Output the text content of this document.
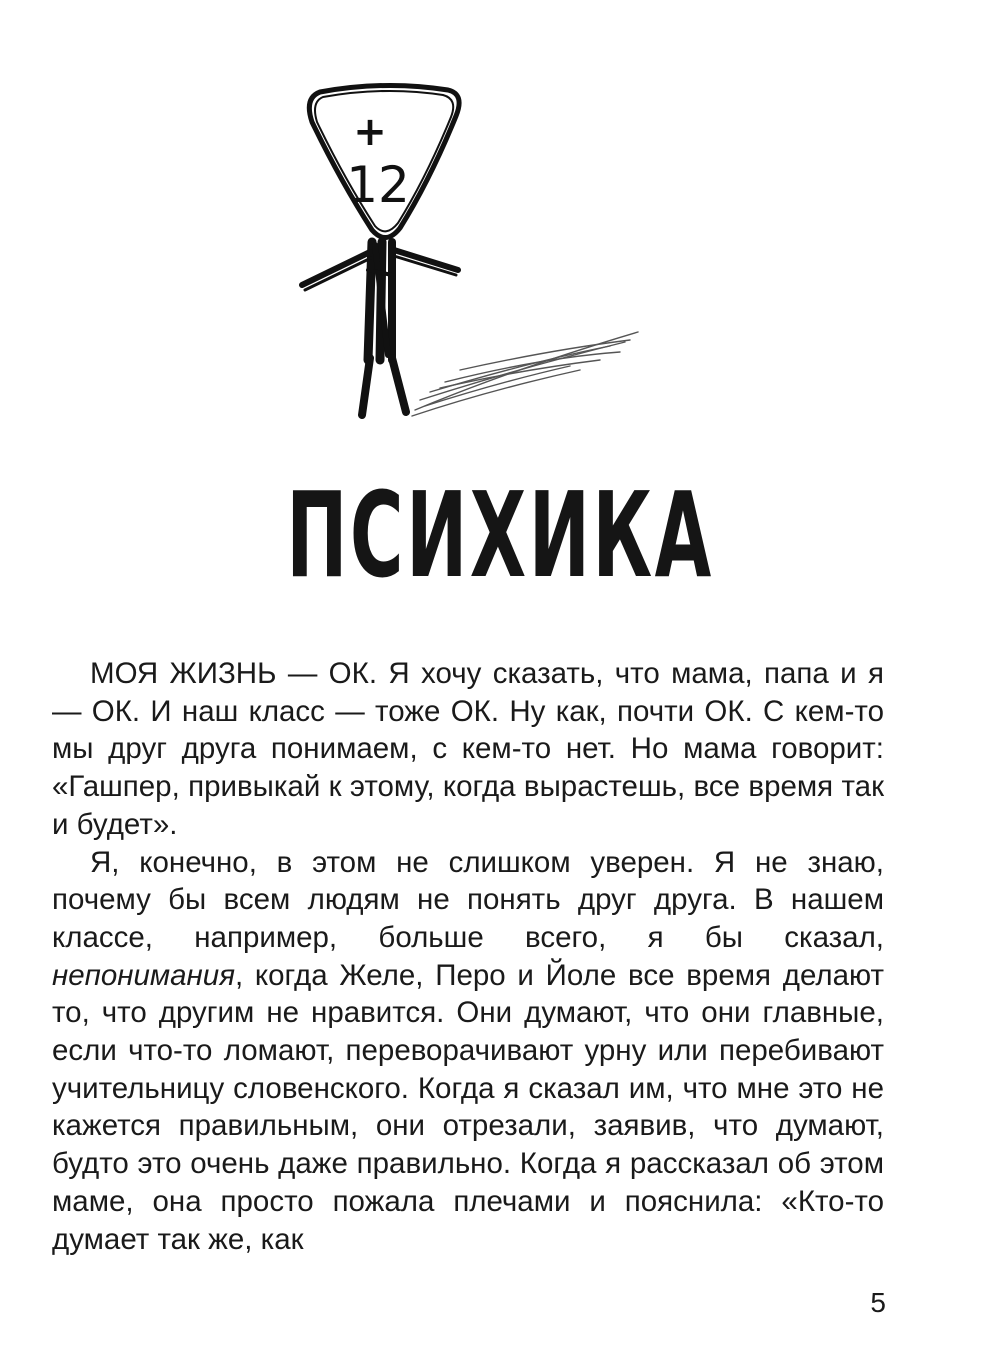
+
12
ПСИХИКА

МОЯ ЖИЗНЬ — ОК. Я хочу сказать, что мама, папа и я — ОК. И наш класс — тоже ОК. Ну как, почти ОК. С кем-то мы друг друга понимаем, с кем-то нет. Но мама говорит: «Гашпер, привыкай к этому, когда вырастешь, все время так и будет».

Я, конечно, в этом не слишком уверен. Я не знаю, почему бы всем людям не понять друг друга. В нашем классе, например, больше всего, я бы сказал, непонимания, когда Желе, Перо и Йоле все время делают то, что другим не нравится. Они думают, что они главные, если что-то ломают, переворачивают урну или перебивают учительницу словенского. Когда я сказал им, что мне это не кажется правильным, они отрезали, заявив, что думают, будто это очень даже правильно. Когда я рассказал об этом маме, она просто пожала плечами и пояснила: «Кто-то думает так же, как

5
